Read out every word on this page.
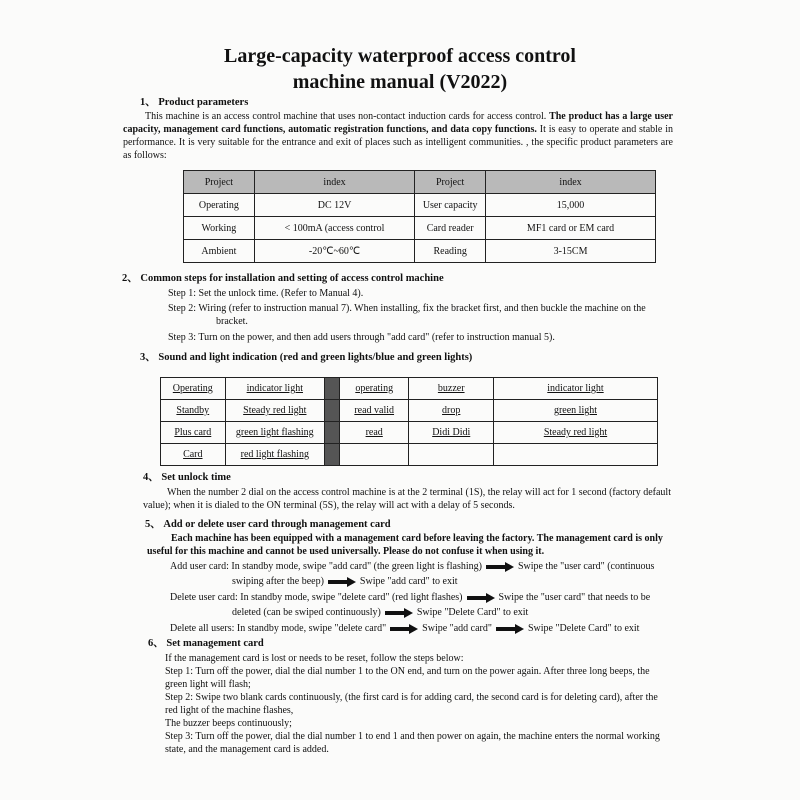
Large-capacity waterproof access control
machine manual (V2022)
1、 Product parameters
This machine is an access control machine that uses non-contact induction cards for access control. The product has a large user capacity, management card functions, automatic registration functions, and data copy functions. It is easy to operate and stable in performance. It is very suitable for the entrance and exit of places such as intelligent communities. , the specific product parameters are as follows:
Project	index	Project	index
Operating	DC 12V	User capacity	15,000
Working	< 100mA (access control	Card reader	MF1 card or EM card
Ambient	-20℃~60℃	Reading	3-15CM
2、 Common steps for installation and setting of access control machine
Step 1: Set the unlock time. (Refer to Manual 4).
Step 2: Wiring (refer to instruction manual 7). When installing, fix the bracket first, and then buckle the machine on the bracket.
Step 3: Turn on the power, and then add users through "add card" (refer to instruction manual 5).
3、 Sound and light indication (red and green lights/blue and green lights)
Operating	indicator light		operating	buzzer	indicator light
Standby	Steady red light		read valid	drop	green light
Plus card	green light flashing		read	Didi Didi	Steady red light
Card	red light flashing				
4、 Set unlock time
When the number 2 dial on the access control machine is at the 2 terminal (1S), the relay will act for 1 second (factory default value); when it is dialed to the ON terminal (5S), the relay will act with a delay of 5 seconds.
5、 Add or delete user card through management card
Each machine has been equipped with a management card before leaving the factory. The management card is only useful for this machine and cannot be used universally. Please do not confuse it when using it.
Add user card: In standby mode, swipe "add card" (the green light is flashing)	Swipe the "user card" (continuous
swiping after the beep)	Swipe "add card" to exit
Delete user card: In standby mode, swipe "delete card" (red light flashes)	Swipe the "user card" that needs to be
deleted (can be swiped continuously)	Swipe "Delete Card" to exit
Delete all users: In standby mode, swipe "delete card"	Swipe "add card"	Swipe "Delete Card" to exit
6、 Set management card
If the management card is lost or needs to be reset, follow the steps below:
Step 1: Turn off the power, dial the dial number 1 to the ON end, and turn on the power again. After three long beeps, the green light will flash;
Step 2: Swipe two blank cards continuously, (the first card is for adding card, the second card is for deleting card), after the red light of the machine flashes,
The buzzer beeps continuously;
Step 3: Turn off the power, dial the dial number 1 to end 1 and then power on again, the machine enters the normal working state, and the management card is added.
